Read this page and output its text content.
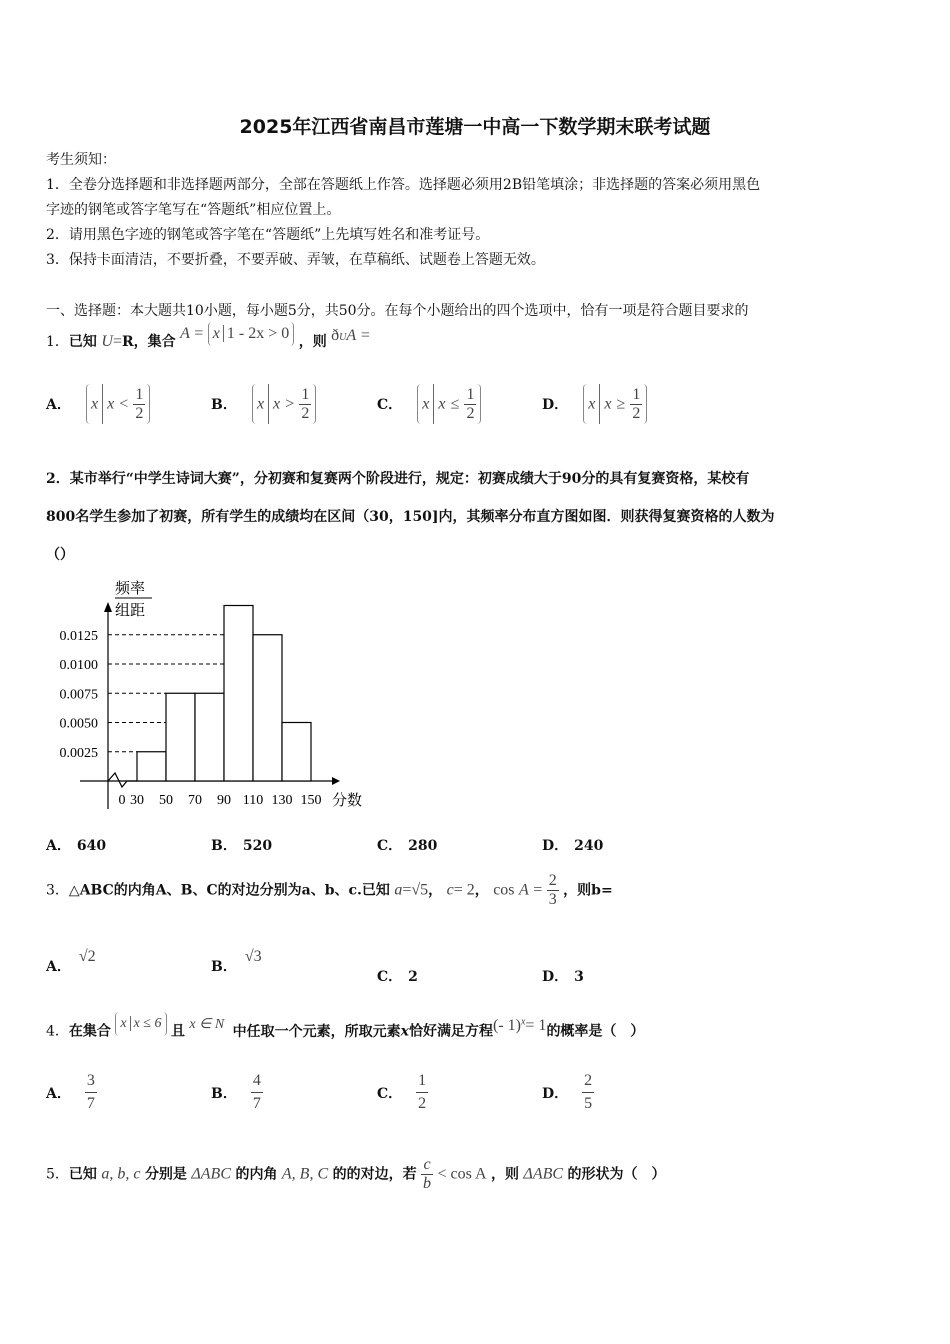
2025年江西省南昌市莲塘一中高一下数学期末联考试题
考生须知：
1．全卷分选择题和非选择题两部分，全部在答题纸上作答。选择题必须用2B铅笔填涂；非选择题的答案必须用黑色
字迹的钢笔或答字笔写在“答题纸”相应位置上。
2．请用黑色字迹的钢笔或答字笔在“答题纸”上先填写姓名和准考证号。
3．保持卡面清洁，不要折叠，不要弄破、弄皱，在草稿纸、试题卷上答题无效。
一、选择题：本大题共10小题，每小题5分，共50分。在每个小题给出的四个选项中，恰有一项是符合题目要求的
1．已知 U=R，集合 A = x 1 - 2x > 0 ，则 ðUA =
A． x $x < \frac{1}{2}$	B． x $x > \frac{1}{2}$	C． x $x \le \frac{1}{2}$	D． x $x \ge \frac{1}{2}$
2．某市举行“中学生诗词大赛”，分初赛和复赛两个阶段进行，规定：初赛成绩大于90分的具有复赛资格，某校有
800名学生参加了初赛，所有学生的成绩均在区间（30，150]内，其频率分布直方图如图．则获得复赛资格的人数为
（）
0.0025
0.0050
0.0075
0.0100
0.0125
0 30 50 70 90 110 130 150 分数
频率
组距
A． 640	B． 520	C． 280	D． 240
3．△ABC的内角A、B、C的对边分别为a、b、c.已知 a=√5， c= 2， $\cos A = \frac{2}{3}$ ，则b=
A．√2
B．√3
C． 2	D． 3
4．在集合 x x ≤ 6 且 x ∈ N 中任取一个元素，所取元素x恰好满足方程(- 1)$^x$= 1的概率是（　）
A． $\frac{3}{7}$	B． $\frac{4}{7}$	C． $\frac{1}{2}$	D． $\frac{2}{5}$
5．已知 a, b, c 分别是 ΔABC 的内角 A, B, C 的的对边，若 $\frac{c}{b} < \cos A$ ，则 ΔABC 的形状为（　）
